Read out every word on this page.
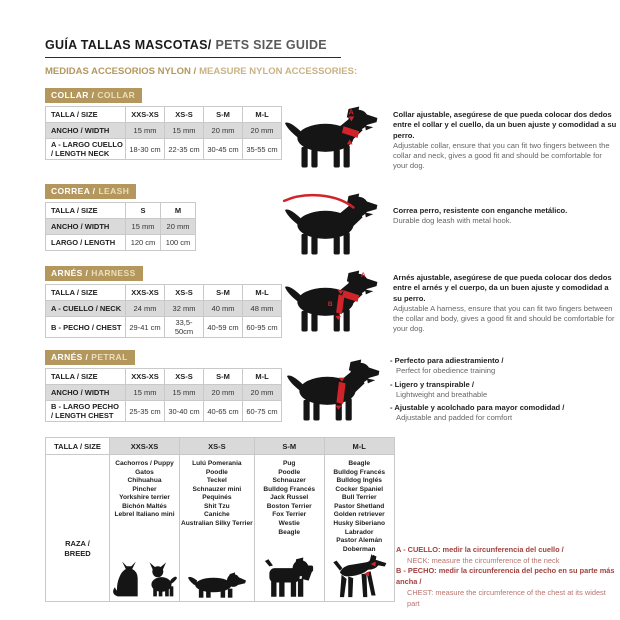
GUÍA TALLAS MASCOTAS/ PETS SIZE GUIDE
MEDIDAS ACCESORIOS NYLON / MEASURE NYLON ACCESSORIES:
COLLAR / COLLAR
TALLA / SIZE	XXS-XS	XS-S	S-M	M-L
ANCHO / WIDTH	15 mm	15 mm	20 mm	20 mm
A - LARGO CUELLO / LENGTH NECK	18-30 cm	22-35 cm	30-45 cm	35-55 cm
A	Collar ajustable, asegúrese de que pueda colocar dos dedos entre el collar y el cuello, da un buen ajuste y comodidad a su perro.
Adjustable collar, ensure that you can fit two fingers between the collar and neck, gives a good fit and should be comfortable for your dog.
CORREA / LEASH
TALLA / SIZE	S	M
ANCHO / WIDTH	15 mm	20 mm
LARGO / LENGTH	120 cm	100 cm
Correa perro, resistente con enganche metálico.
Durable dog leash with metal hook.
ARNÉS / HARNESS
TALLA / SIZE	XXS-XS	XS-S	S-M	M-L
A - CUELLO / NECK	24 mm	32 mm	40 mm	48 mm
B - PECHO / CHEST	29-41 cm	33,5-50cm	40-59 cm	60-95 cm
A
B
Arnés ajustable, asegúrese de que pueda colocar dos dedos entre el arnés y el cuerpo, da un buen ajuste y comodidad a su perro.
Adjustable A harness, ensure that you can fit two fingers between the collar and body, gives a good fit and should be comfortable for your dog.
ARNÉS / PETRAL
TALLA / SIZE	XXS-XS	XS-S	S-M	M-L
ANCHO / WIDTH	15 mm	15 mm	20 mm	20 mm
B - LARGO PECHO / LENGTH CHEST	25-35 cm	30-40 cm	40-65 cm	60-75 cm
- Perfecto para adiestramiento /
Perfect for obedience training
- Ligero y transpirable /
Lightweight and breathable
- Ajustable y acolchado para mayor comodidad /
Adjustable and padded for comfort
TALLA / SIZE	XXS-XS	XS-S	S-M	M-L

RAZA /
BREED

Cachorros / Puppy
Gatos
Chihuahua
Pincher
Yorkshire terrier
Bichón Maltés
Lebrel Italiano mini

Lulú Pomerania
Poodle
Teckel
Schnauzer mini
Pequinés
Shit Tzu
Caniche
Australian Silky Terrier

Pug
Poodle
Schnauzer
Bulldog Francés
Jack Russel
Boston Terrier
Fox Terrier
Westie
Beagle

Beagle
Bulldog Francés
Bulldog Inglés
Cocker Spaniel
Bull Terrier
Pastor Shetland
Golden retriever
Husky Siberiano
Labrador
Pastor Alemán
Doberman	A - CUELLO: medir la circunferencia del cuello /
NECK: measure the circumference of the neck
B - PECHO: medir la circunferencia del pecho en su parte más ancha /
CHEST: measure the circumference of the chest at its widest part
